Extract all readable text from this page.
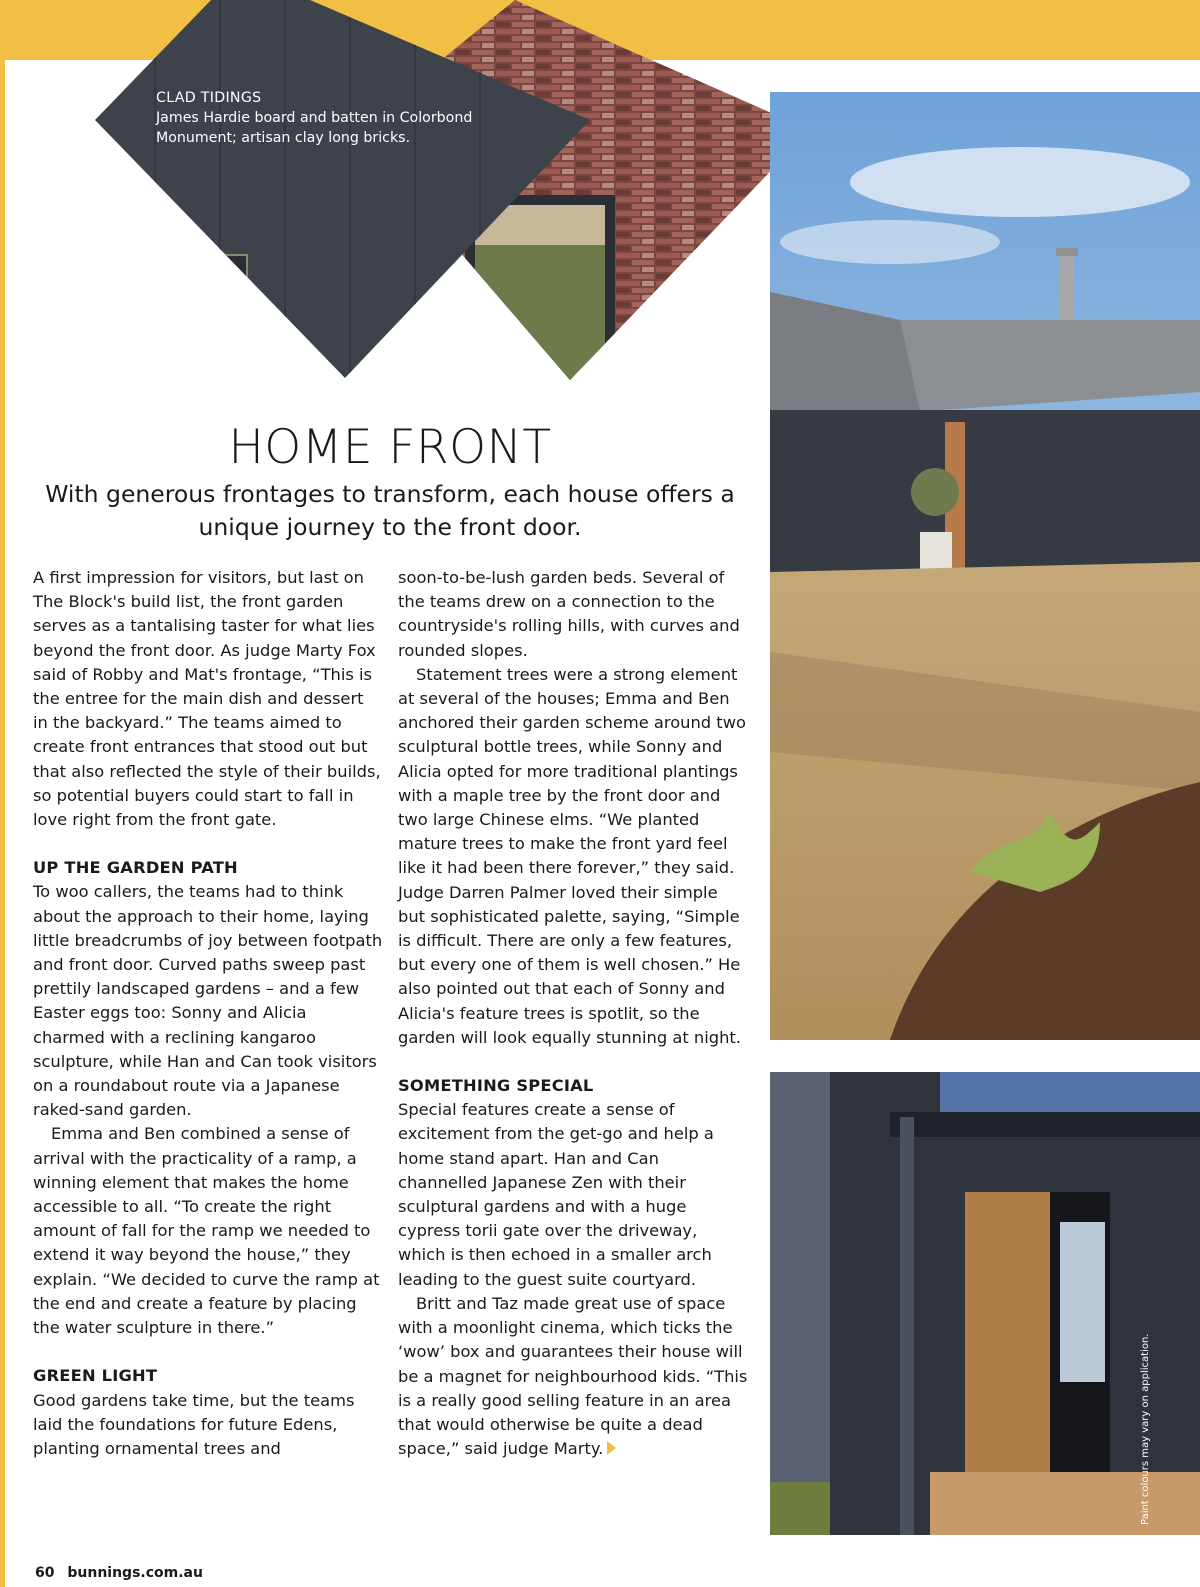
CLAD TIDINGS
James Hardie board and batten in Colorbond Monument; artisan clay long bricks.
HOME FRONT

With generous frontages to transform, each house offers a unique journey to the front door.

A first impression for visitors, but last on The Block's build list, the front garden serves as a tantalising taster for what lies beyond the front door. As judge Marty Fox said of Robby and Mat's frontage, “This is the entree for the main dish and dessert in the backyard.” The teams aimed to create front entrances that stood out but that also reflected the style of their builds, so potential buyers could start to fall in love right from the front gate.

UP THE GARDEN PATH

To woo callers, the teams had to think about the approach to their home, laying little breadcrumbs of joy between footpath and front door. Curved paths sweep past prettily landscaped gardens – and a few Easter eggs too: Sonny and Alicia charmed with a reclining kangaroo sculpture, while Han and Can took visitors on a roundabout route via a Japanese raked-sand garden.

Emma and Ben combined a sense of arrival with the practicality of a ramp, a winning element that makes the home accessible to all. “To create the right amount of fall for the ramp we needed to extend it way beyond the house,” they explain. “We decided to curve the ramp at the end and create a feature by placing the water sculpture in there.”

GREEN LIGHT

Good gardens take time, but the teams laid the foundations for future Edens, planting ornamental trees and

soon-to-be-lush garden beds. Several of the teams drew on a connection to the countryside's rolling hills, with curves and rounded slopes.

Statement trees were a strong element at several of the houses; Emma and Ben anchored their garden scheme around two sculptural bottle trees, while Sonny and Alicia opted for more traditional plantings with a maple tree by the front door and two large Chinese elms. “We planted mature trees to make the front yard feel like it had been there forever,” they said. Judge Darren Palmer loved their simple but sophisticated palette, saying, “Simple is difficult. There are only a few features, but every one of them is well chosen.” He also pointed out that each of Sonny and Alicia's feature trees is spotlit, so the garden will look equally stunning at night.

SOMETHING SPECIAL

Special features create a sense of excitement from the get-go and help a home stand apart. Han and Can channelled Japanese Zen with their sculptural gardens and with a huge cypress torii gate over the driveway, which is then echoed in a smaller arch leading to the guest suite courtyard.

Britt and Taz made great use of space with a moonlight cinema, which ticks the ‘wow’ box and guarantees their house will be a magnet for neighbourhood kids. “This is a really good selling feature in an area that would otherwise be quite a dead space,” said judge Marty.

60 bunnings.com.au
Paint colours may vary on application.
